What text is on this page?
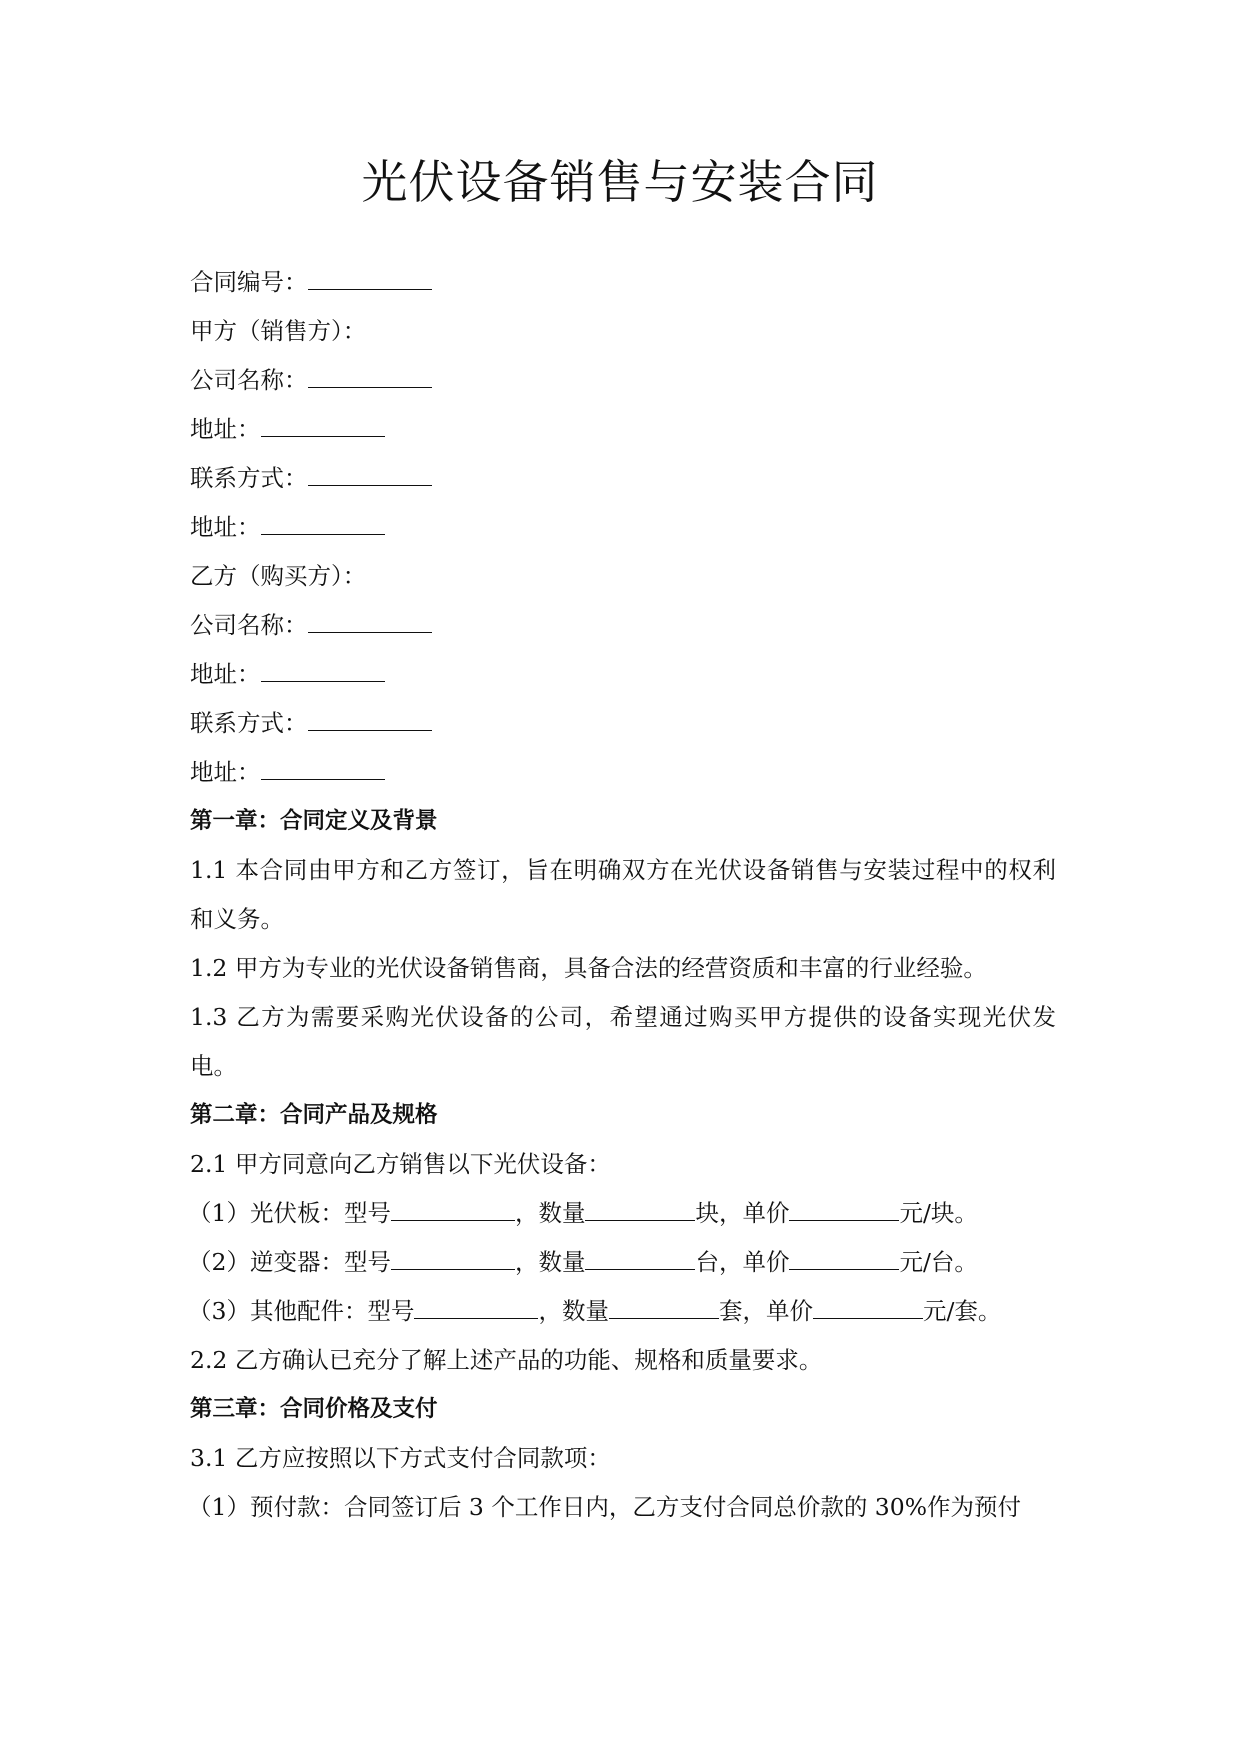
光伏设备销售与安装合同
合同编号：
甲方（销售方）：
公司名称：
地址：
联系方式：
地址：
乙方（购买方）：
公司名称：
地址：
联系方式：
地址：
第一章：合同定义及背景
1.1 本合同由甲方和乙方签订，旨在明确双方在光伏设备销售与安装过程中的权利和义务。
1.2 甲方为专业的光伏设备销售商，具备合法的经营资质和丰富的行业经验。
1.3 乙方为需要采购光伏设备的公司，希望通过购买甲方提供的设备实现光伏发电。
第二章：合同产品及规格
2.1 甲方同意向乙方销售以下光伏设备：
（1）光伏板：型号	，数量	块，单价	元/块。
（2）逆变器：型号	，数量	台，单价	元/台。
（3）其他配件：型号	，数量	套，单价	元/套。
2.2 乙方确认已充分了解上述产品的功能、规格和质量要求。
第三章：合同价格及支付
3.1 乙方应按照以下方式支付合同款项：
（1）预付款：合同签订后 3 个工作日内，乙方支付合同总价款的 30%作为预付
